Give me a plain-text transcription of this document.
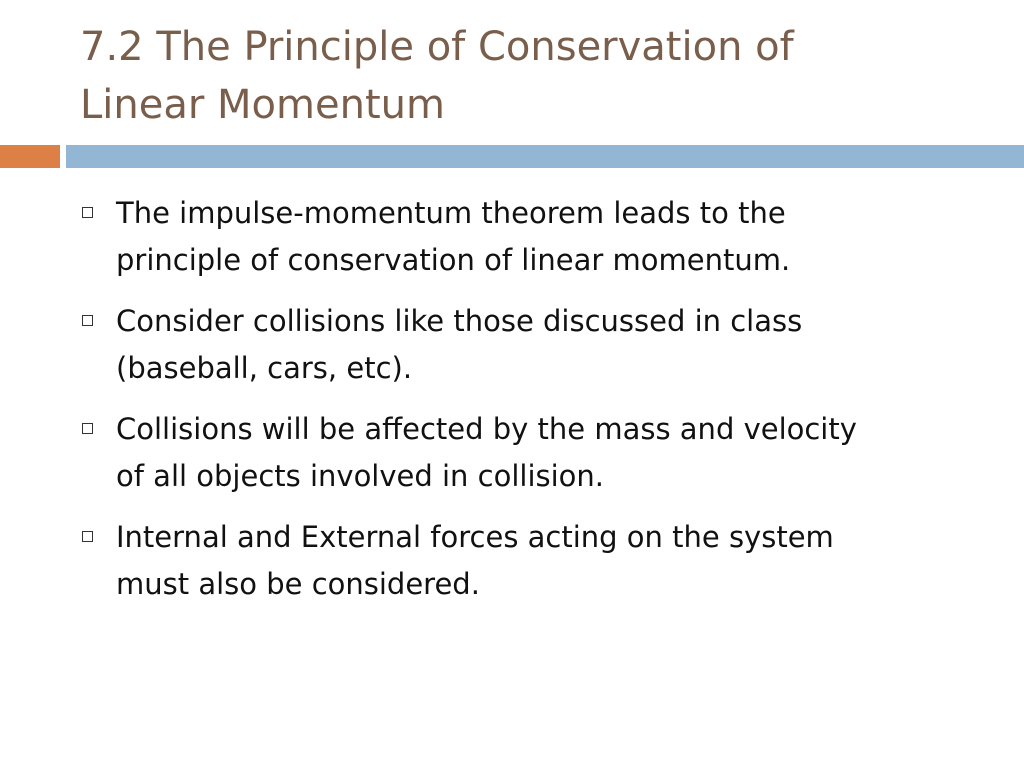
7.2 The Principle of Conservation of
Linear Momentum
The impulse-momentum theorem leads to the
principle of conservation of linear momentum.
Consider collisions like those discussed in class
(baseball, cars, etc).
Collisions will be affected by the mass and velocity
of all objects involved in collision.
Internal and External forces acting on the system
must also be considered.
